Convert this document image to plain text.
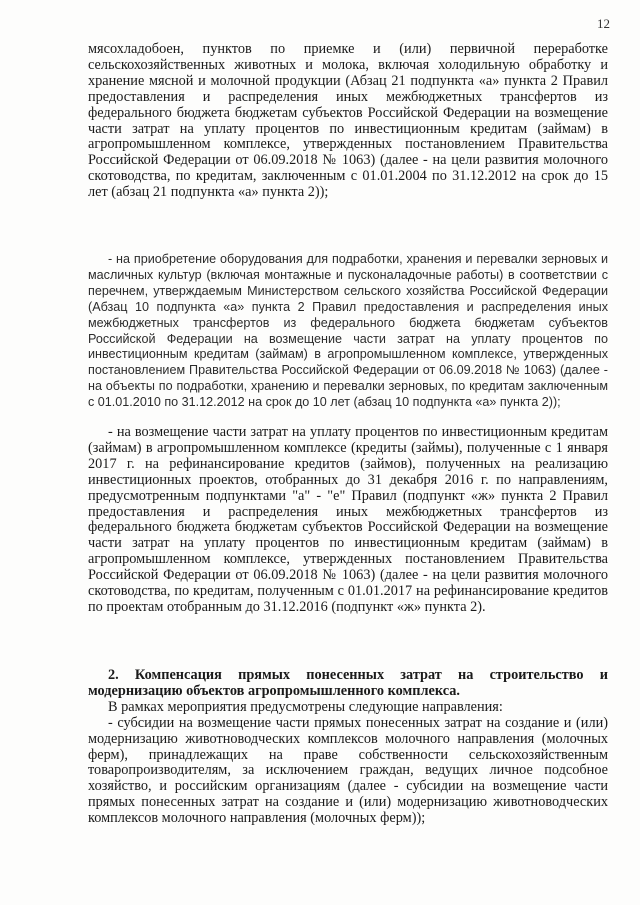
12

мясохладобоен, пунктов по приемке и (или) первичной переработке сельскохозяйственных животных и молока, включая холодильную обработку и хранение мясной и молочной продукции (Абзац 21 подпункта «а» пункта 2 Правил предоставления и распределения иных межбюджетных трансфертов из федерального бюджета бюджетам субъектов Российской Федерации на возмещение части затрат на уплату процентов по инвестиционным кредитам (займам) в агропромышленном комплексе, утвержденных постановлением Правительства Российской Федерации от 06.09.2018 № 1063) (далее - на цели развития молочного скотоводства, по кредитам, заключенным с 01.01.2004 по 31.12.2012 на срок до 15 лет (абзац 21 подпункта «а» пункта 2));

- на приобретение оборудования для подработки, хранения и перевалки зерновых и масличных культур (включая монтажные и пусконаладочные работы) в соответствии с перечнем, утверждаемым Министерством сельского хозяйства Российской Федерации (Абзац 10 подпункта «а» пункта 2 Правил предоставления и распределения иных межбюджетных трансфертов из федерального бюджета бюджетам субъектов Российской Федерации на возмещение части затрат на уплату процентов по инвестиционным кредитам (займам) в агропромышленном комплексе, утвержденных постановлением Правительства Российской Федерации от 06.09.2018 № 1063) (далее - на объекты по подработки, хранению и перевалки зерновых, по кредитам заключенным с 01.01.2010 по 31.12.2012 на срок до 10 лет (абзац 10 подпункта «а» пункта 2));

- на возмещение части затрат на уплату процентов по инвестиционным кредитам (займам) в агропромышленном комплексе (кредиты (займы), полученные с 1 января 2017 г. на рефинансирование кредитов (займов), полученных на реализацию инвестиционных проектов, отобранных до 31 декабря 2016 г. по направлениям, предусмотренным подпунктами "а" - "е" Правил (подпункт «ж» пункта 2 Правил предоставления и распределения иных межбюджетных трансфертов из федерального бюджета бюджетам субъектов Российской Федерации на возмещение части затрат на уплату процентов по инвестиционным кредитам (займам) в агропромышленном комплексе, утвержденных постановлением Правительства Российской Федерации от 06.09.2018 № 1063) (далее - на цели развития молочного скотоводства, по кредитам, полученным с 01.01.2017 на рефинансирование кредитов по проектам отобранным до 31.12.2016 (подпункт «ж» пункта 2).

2. Компенсация прямых понесенных затрат на строительство и модернизацию объектов агропромышленного комплекса.

В рамках мероприятия предусмотрены следующие направления:

- субсидии на возмещение части прямых понесенных затрат на создание и (или) модернизацию животноводческих комплексов молочного направления (молочных ферм), принадлежащих на праве собственности сельскохозяйственным товаропроизводителям, за исключением граждан, ведущих личное подсобное хозяйство, и российским организациям (далее - субсидии на возмещение части прямых понесенных затрат на создание и (или) модернизацию животноводческих комплексов молочного направления (молочных ферм));
